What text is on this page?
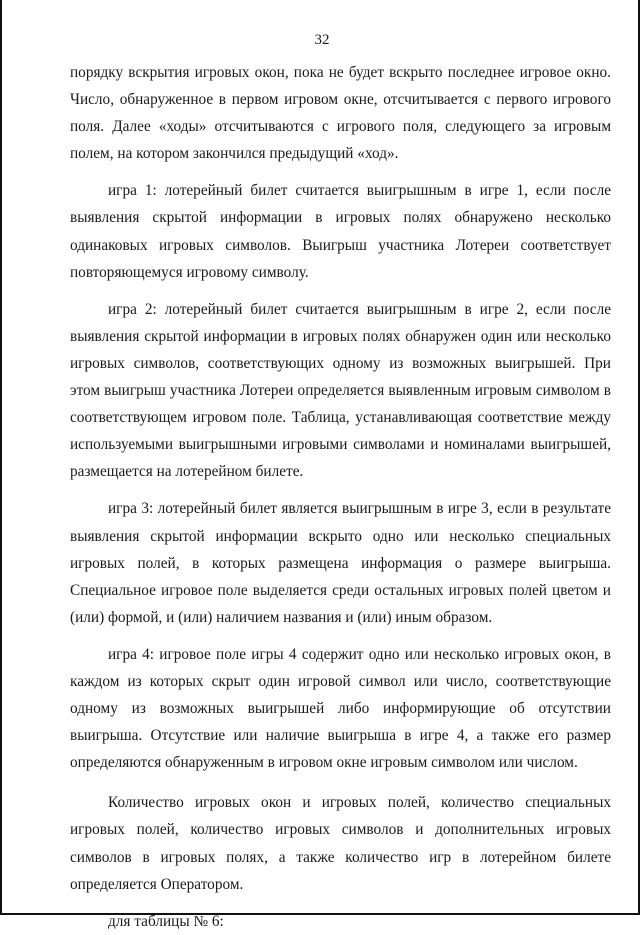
32

порядку вскрытия игровых окон, пока не будет вскрыто последнее игровое окно. Число, обнаруженное в первом игровом окне, отсчитывается с первого игрового поля. Далее «ходы» отсчитываются с игрового поля, следующего за игровым полем, на котором закончился предыдущий «ход».

игра 1: лотерейный билет считается выигрышным в игре 1, если после выявления скрытой информации в игровых полях обнаружено несколько одинаковых игровых символов. Выигрыш участника Лотереи соответствует повторяющемуся игровому символу.

игра 2: лотерейный билет считается выигрышным в игре 2, если после выявления скрытой информации в игровых полях обнаружен один или несколько игровых символов, соответствующих одному из возможных выигрышей. При этом выигрыш участника Лотереи определяется выявленным игровым символом в соответствующем игровом поле. Таблица, устанавливающая соответствие между используемыми выигрышными игровыми символами и номиналами выигрышей, размещается на лотерейном билете.

игра 3: лотерейный билет является выигрышным в игре 3, если в результате выявления скрытой информации вскрыто одно или несколько специальных игровых полей, в которых размещена информация о размере выигрыша. Специальное игровое поле выделяется среди остальных игровых полей цветом и (или) формой, и (или) наличием названия и (или) иным образом.

игра 4: игровое поле игры 4 содержит одно или несколько игровых окон, в каждом из которых скрыт один игровой символ или число, соответствующие одному из возможных выигрышей либо информирующие об отсутствии выигрыша. Отсутствие или наличие выигрыша в игре 4, а также его размер определяются обнаруженным в игровом окне игровым символом или числом.

Количество игровых окон и игровых полей, количество специальных игровых полей, количество игровых символов и дополнительных игровых символов в игровых полях, а также количество игр в лотерейном билете определяется Оператором.

для таблицы № 6:
